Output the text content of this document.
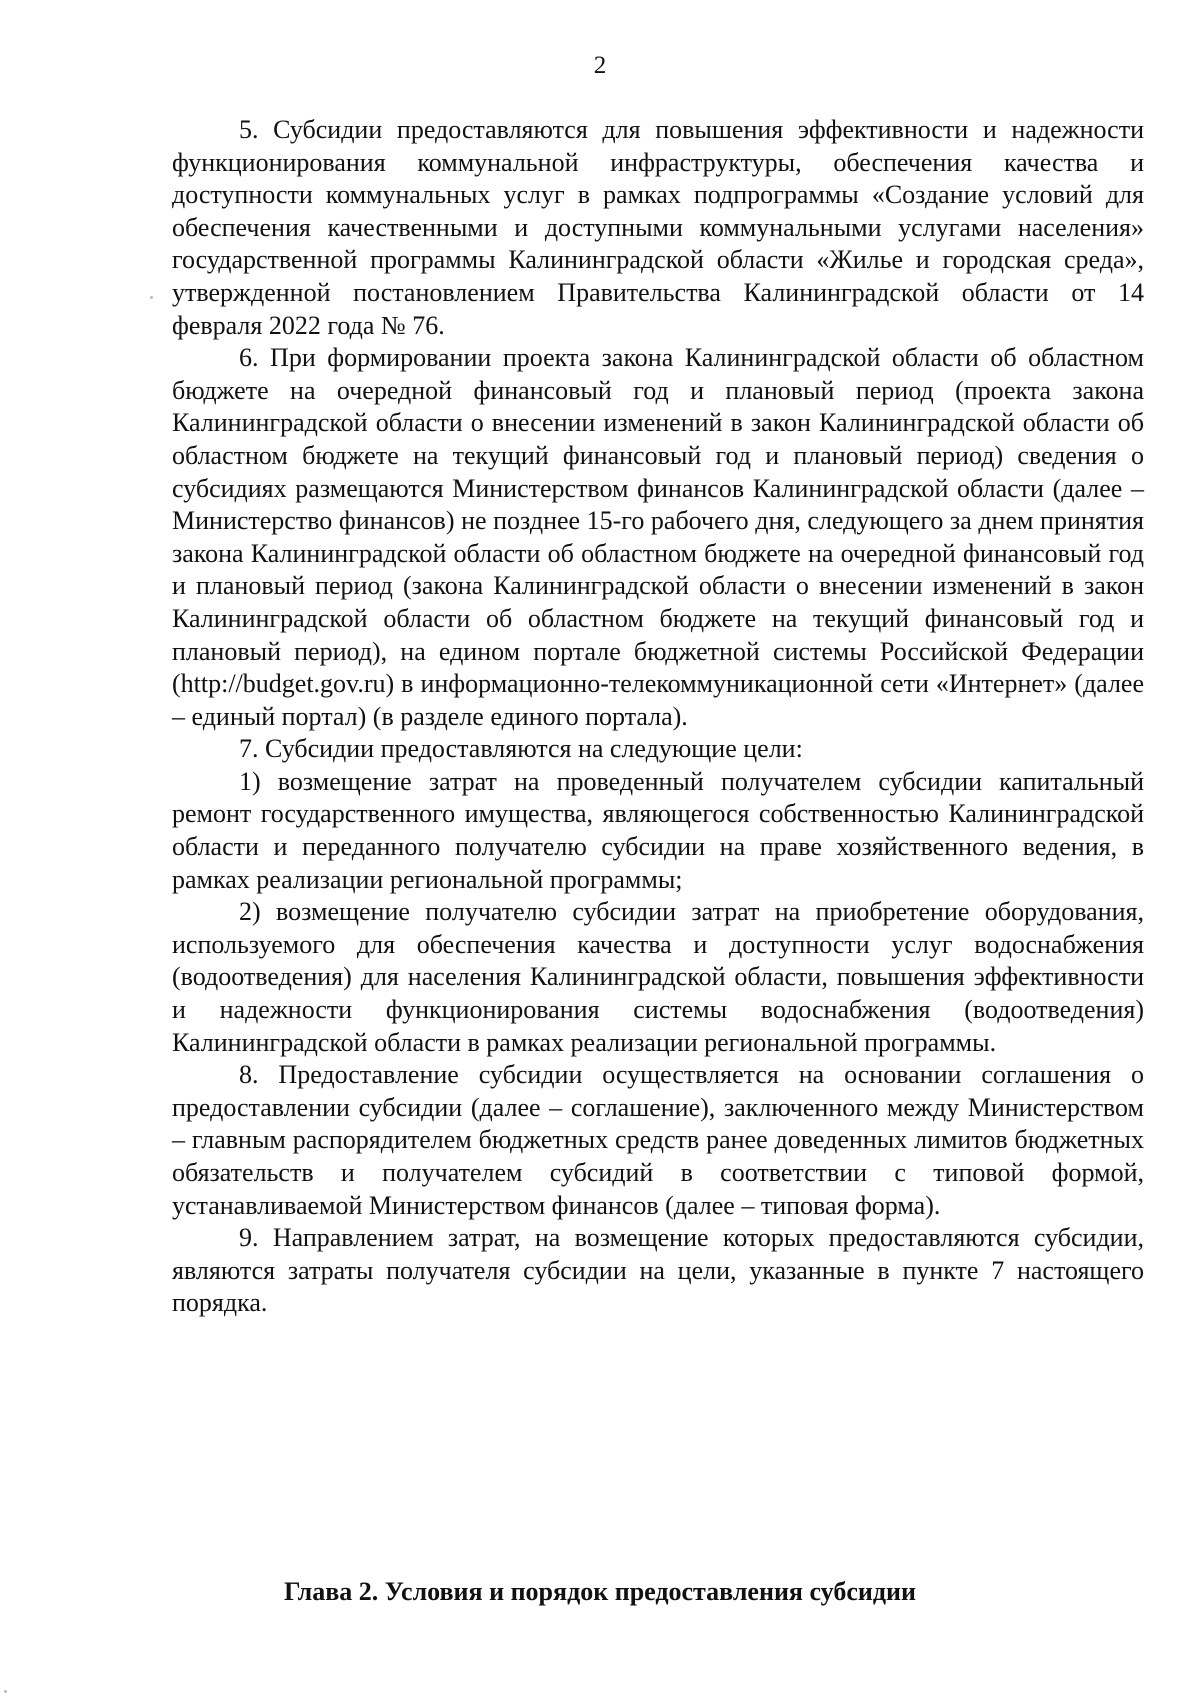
2

5. Субсидии предоставляются для повышения эффективности и надежности функционирования коммунальной инфраструктуры, обеспечения качества и доступности коммунальных услуг в рамках подпрограммы «Создание условий для обеспечения качественными и доступными коммунальными услугами населения» государственной программы Калининградской области «Жилье и городская среда», утвержденной постановлением Правительства Калининградской области от 14 февраля 2022 года № 76.

6. При формировании проекта закона Калининградской области об областном бюджете на очередной финансовый год и плановый период (проекта закона Калининградской области о внесении изменений в закон Калининградской области об областном бюджете на текущий финансовый год и плановый период) сведения о субсидиях размещаются Министерством финансов Калининградской области (далее – Министерство финансов) не позднее 15-го рабочего дня, следующего за днем принятия закона Калининградской области об областном бюджете на очередной финансовый год и плановый период (закона Калининградской области о внесении изменений в закон Калининградской области об областном бюджете на текущий финансовый год и плановый период), на едином портале бюджетной системы Российской Федерации (http://budget.gov.ru) в информационно-телекоммуникационной сети «Интернет» (далее – единый портал) (в разделе единого портала).

7. Субсидии предоставляются на следующие цели:

1) возмещение затрат на проведенный получателем субсидии капитальный ремонт государственного имущества, являющегося собственностью Калининградской области и переданного получателю субсидии на праве хозяйственного ведения, в рамках реализации региональной программы;

2) возмещение получателю субсидии затрат на приобретение оборудования, используемого для обеспечения качества и доступности услуг водоснабжения (водоотведения) для населения Калининградской области, повышения эффективности и надежности функционирования системы водоснабжения (водоотведения) Калининградской области в рамках реализации региональной программы.

8. Предоставление субсидии осуществляется на основании соглашения о предоставлении субсидии (далее – соглашение), заключенного между Министерством – главным распорядителем бюджетных средств ранее доведенных лимитов бюджетных обязательств и получателем субсидий в соответствии с типовой формой, устанавливаемой Министерством финансов (далее – типовая форма).

9. Направлением затрат, на возмещение которых предоставляются субсидии, являются затраты получателя субсидии на цели, указанные в пункте 7 настоящего порядка.

Глава 2. Условия и порядок предоставления субсидии
